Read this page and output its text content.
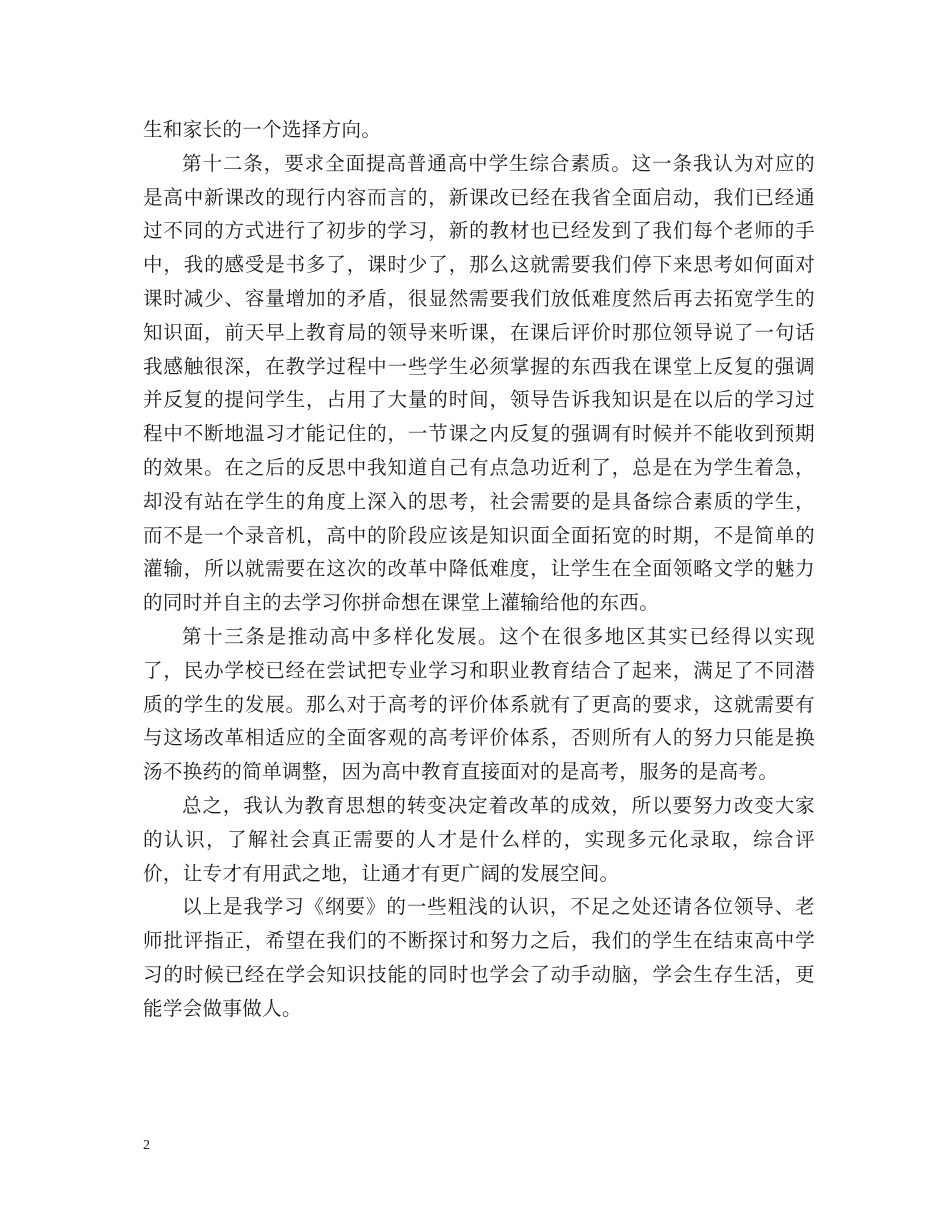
生和家长的一个选择方向。

第十二条，要求全面提高普通高中学生综合素质。这一条我认为对应的是高中新课改的现行内容而言的，新课改已经在我省全面启动，我们已经通过不同的方式进行了初步的学习，新的教材也已经发到了我们每个老师的手中，我的感受是书多了，课时少了，那么这就需要我们停下来思考如何面对课时减少、容量增加的矛盾，很显然需要我们放低难度然后再去拓宽学生的知识面，前天早上教育局的领导来听课，在课后评价时那位领导说了一句话我感触很深，在教学过程中一些学生必须掌握的东西我在课堂上反复的强调并反复的提问学生，占用了大量的时间，领导告诉我知识是在以后的学习过程中不断地温习才能记住的，一节课之内反复的强调有时候并不能收到预期的效果。在之后的反思中我知道自己有点急功近利了，总是在为学生着急，却没有站在学生的角度上深入的思考，社会需要的是具备综合素质的学生，而不是一个录音机，高中的阶段应该是知识面全面拓宽的时期，不是简单的灌输，所以就需要在这次的改革中降低难度，让学生在全面领略文学的魅力的同时并自主的去学习你拼命想在课堂上灌输给他的东西。

第十三条是推动高中多样化发展。这个在很多地区其实已经得以实现了，民办学校已经在尝试把专业学习和职业教育结合了起来，满足了不同潜质的学生的发展。那么对于高考的评价体系就有了更高的要求，这就需要有与这场改革相适应的全面客观的高考评价体系，否则所有人的努力只能是换汤不换药的简单调整，因为高中教育直接面对的是高考，服务的是高考。

总之，我认为教育思想的转变决定着改革的成效，所以要努力改变大家的认识，了解社会真正需要的人才是什么样的，实现多元化录取，综合评价，让专才有用武之地，让通才有更广阔的发展空间。

以上是我学习《纲要》的一些粗浅的认识，不足之处还请各位领导、老师批评指正，希望在我们的不断探讨和努力之后，我们的学生在结束高中学习的时候已经在学会知识技能的同时也学会了动手动脑，学会生存生活，更能学会做事做人。

2
